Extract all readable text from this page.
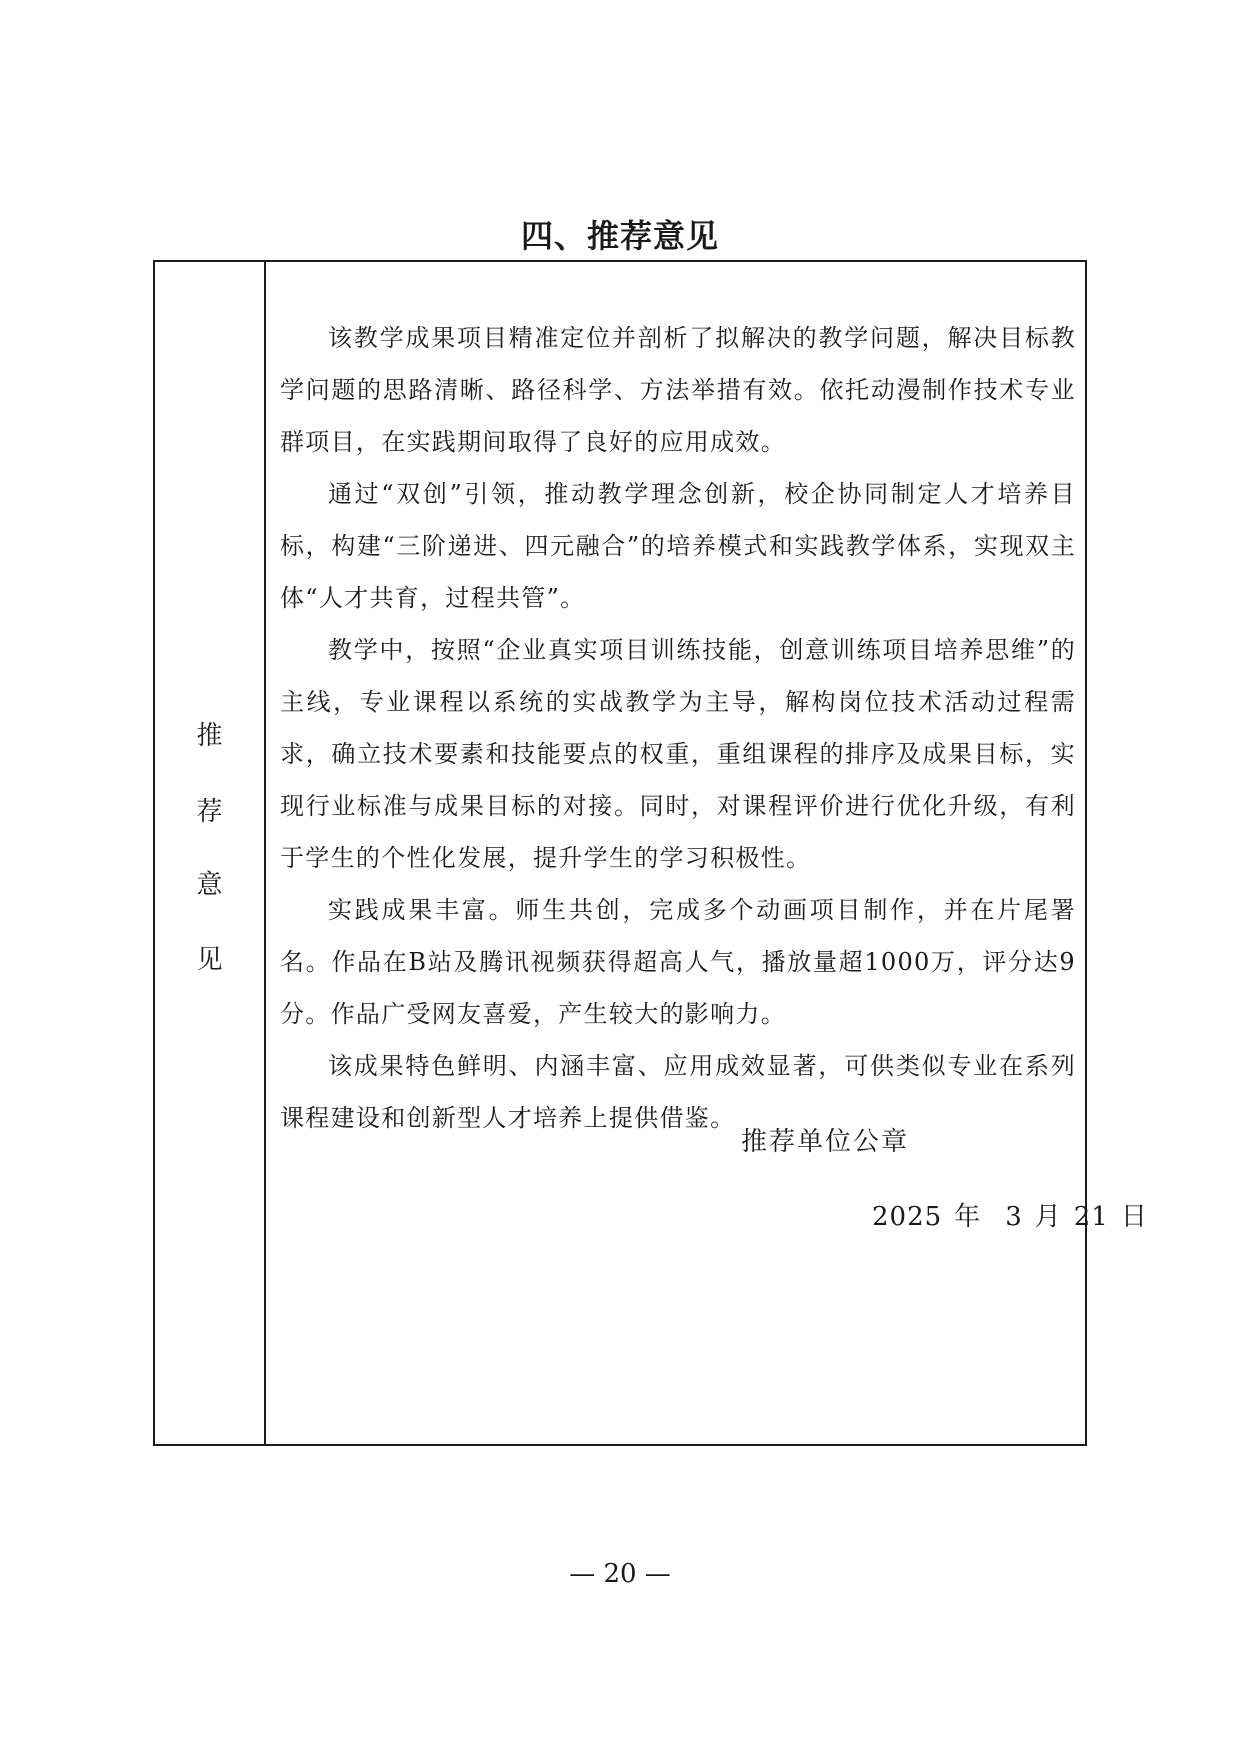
四、推荐意见
推
荐
意
见

该教学成果项目精准定位并剖析了拟解决的教学问题，解决目标教学问题的思路清晰、路径科学、方法举措有效。依托动漫制作技术专业群项目，在实践期间取得了良好的应用成效。

通过“双创”引领，推动教学理念创新，校企协同制定人才培养目标，构建“三阶递进、四元融合”的培养模式和实践教学体系，实现双主体“人才共育，过程共管”。

教学中，按照“企业真实项目训练技能，创意训练项目培养思维”的主线，专业课程以系统的实战教学为主导，解构岗位技术活动过程需求，确立技术要素和技能要点的权重，重组课程的排序及成果目标，实现行业标准与成果目标的对接。同时，对课程评价进行优化升级，有利于学生的个性化发展，提升学生的学习积极性。

实践成果丰富。师生共创，完成多个动画项目制作，并在片尾署名。作品在B站及腾讯视频获得超高人气，播放量超1000万，评分达9分。作品广受网友喜爱，产生较大的影响力。

该成果特色鲜明、内涵丰富、应用成效显著，可供类似专业在系列课程建设和创新型人才培养上提供借鉴。

推荐单位公章
2025 年 3 月 21 日
— 20 —
